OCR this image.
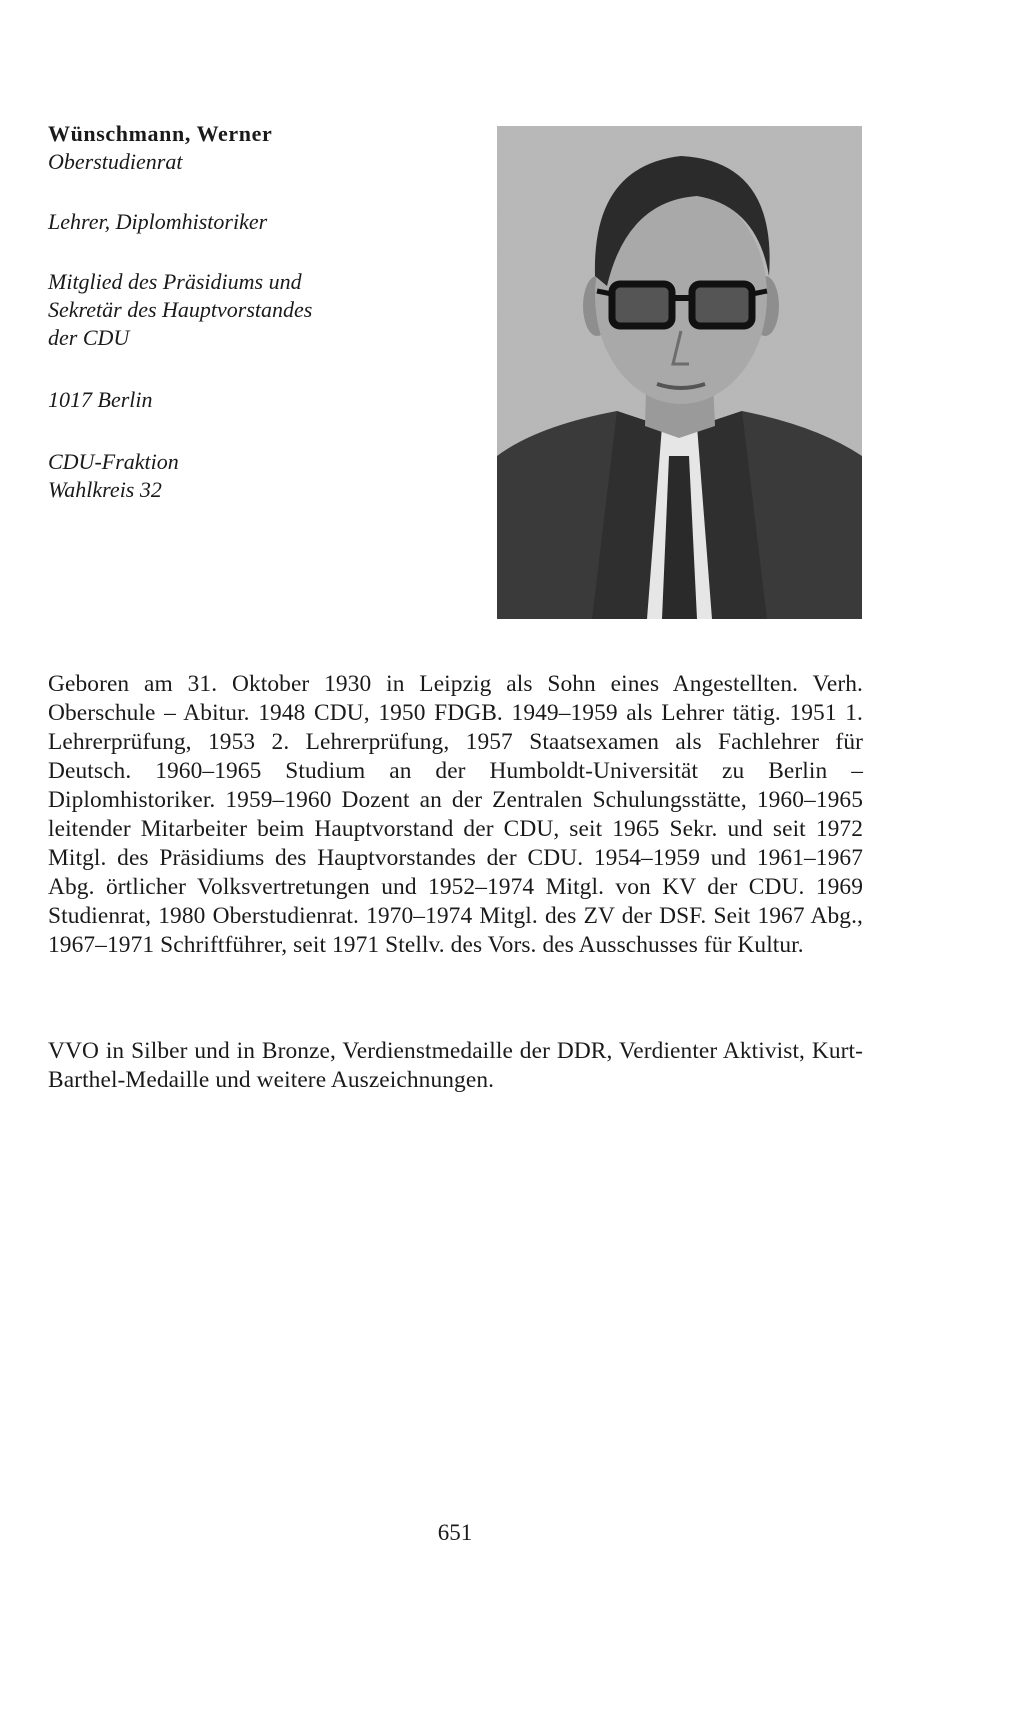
Wünschmann, Werner

Oberstudienrat

Lehrer, Diplomhistoriker

Mitglied des Präsidiums und

Sekretär des Hauptvorstandes

der CDU

1017 Berlin

CDU-Fraktion

Wahlkreis 32

Geboren am 31. Oktober 1930 in Leipzig als Sohn eines Angestellten. Verh. Oberschule – Abitur. 1948 CDU, 1950 FDGB. 1949–1959 als Lehrer tätig. 1951 1. Lehrerprüfung, 1953 2. Lehrerprüfung, 1957 Staatsexamen als Fachlehrer für Deutsch. 1960–1965 Studium an der Humboldt-Universität zu Berlin – Diplomhistoriker. 1959–1960 Dozent an der Zentralen Schulungsstätte, 1960–1965 leitender Mitarbeiter beim Hauptvorstand der CDU, seit 1965 Sekr. und seit 1972 Mitgl. des Präsidiums des Hauptvorstandes der CDU. 1954–1959 und 1961–1967 Abg. örtlicher Volksvertretungen und 1952–1974 Mitgl. von KV der CDU. 1969 Studienrat, 1980 Oberstudienrat. 1970–1974 Mitgl. des ZV der DSF. Seit 1967 Abg., 1967–1971 Schriftführer, seit 1971 Stellv. des Vors. des Ausschusses für Kultur.

VVO in Silber und in Bronze, Verdienstmedaille der DDR, Verdienter Aktivist, Kurt-Barthel-Medaille und weitere Auszeichnungen.

651
